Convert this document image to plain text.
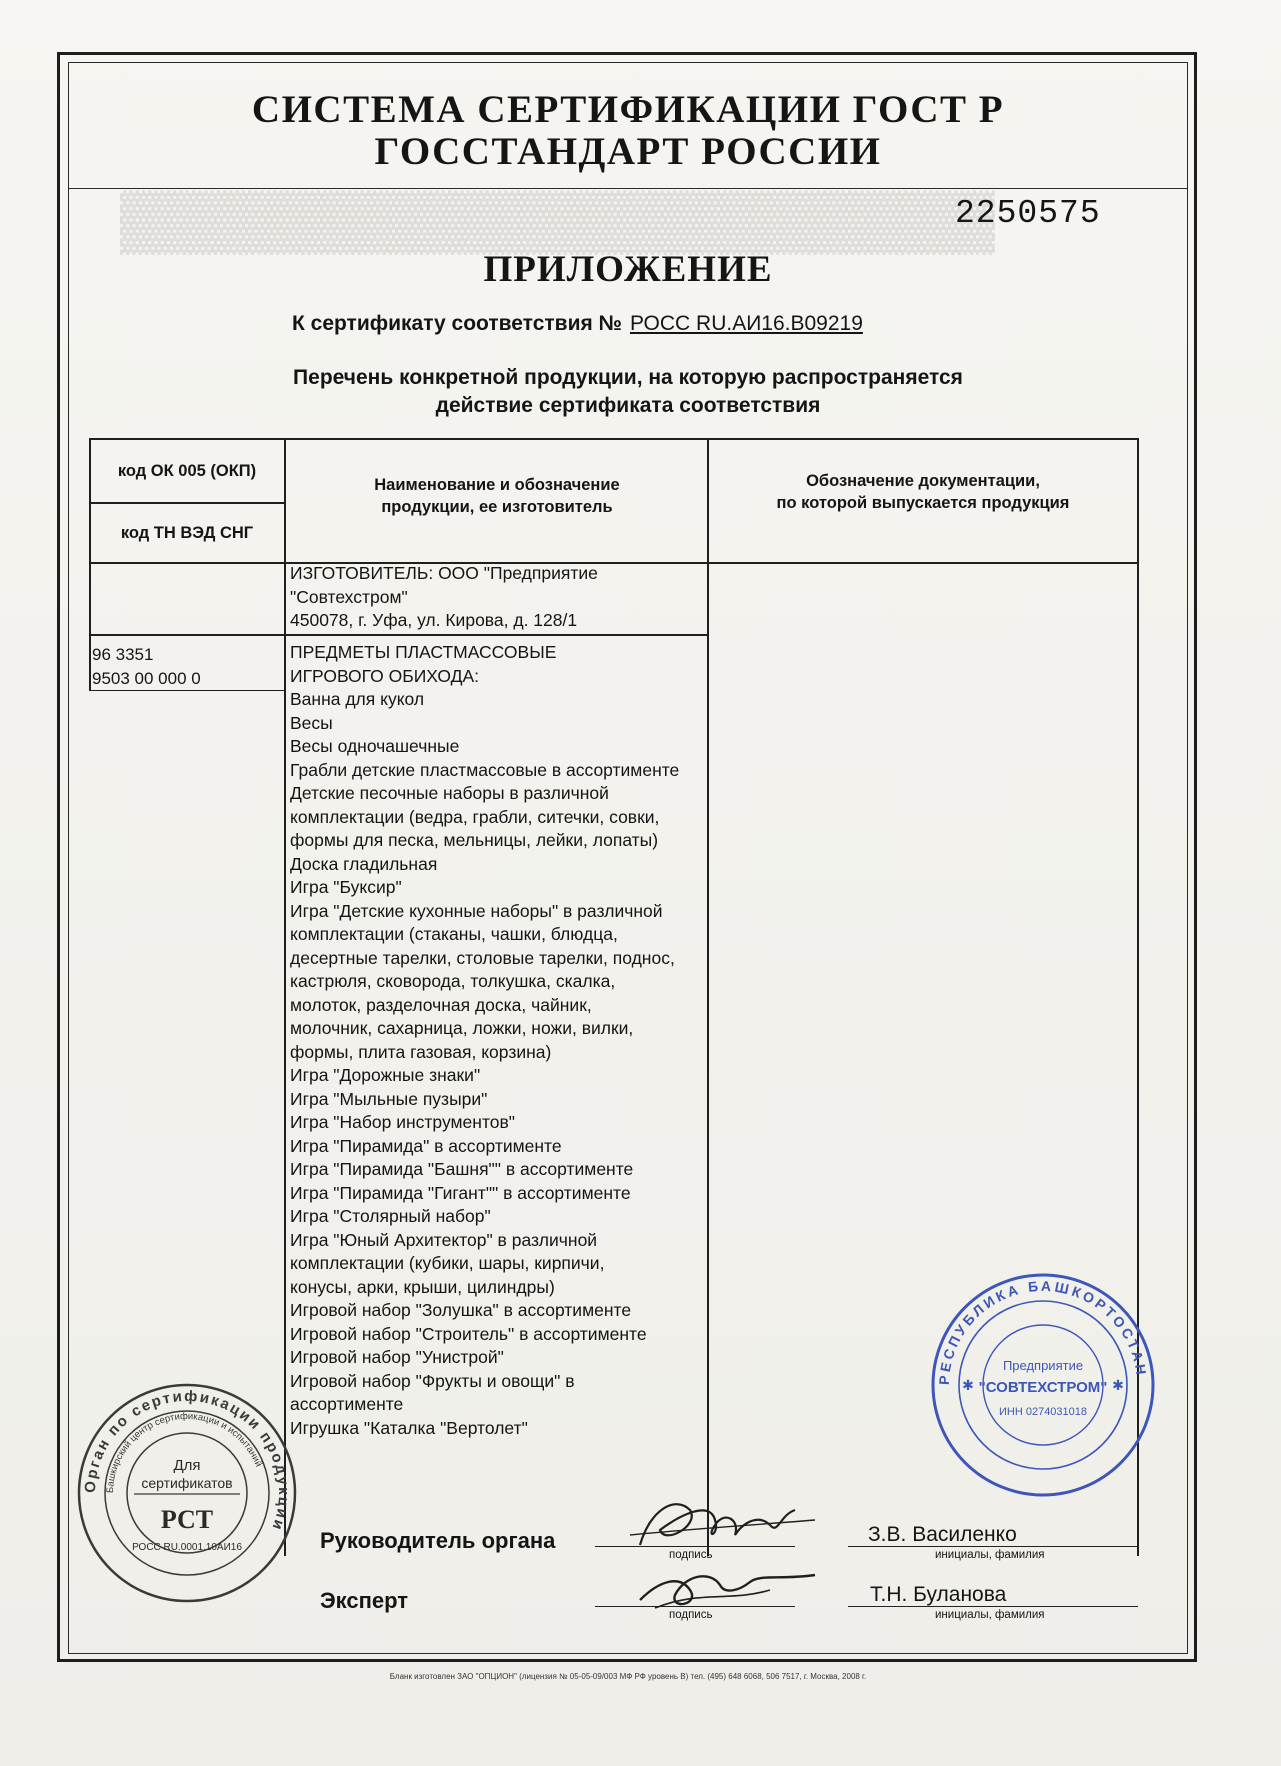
СИСТЕМА СЕРТИФИКАЦИИ ГОСТ Р
ГОССТАНДАРТ РОССИИ
2250575
ПРИЛОЖЕНИЕ
К сертификату соответствия № РОСС RU.АИ16.В09219
Перечень конкретной продукции, на которую распространяется
действие сертификата соответствия
код ОК 005 (ОКП)
код ТН ВЭД СНГ
Наименование и обозначение
продукции, ее изготовитель
Обозначение документации,
по которой выпускается продукция
ИЗГОТОВИТЕЛЬ: ООО "Предприятие
"Совтехстром"
450078, г. Уфа, ул. Кирова, д. 128/1
96 3351
9503 00 000 0
ПРЕДМЕТЫ ПЛАСТМАССОВЫЕ
ИГРОВОГО ОБИХОДА:
Ванна для кукол
Весы
Весы одночашечные
Грабли детские пластмассовые в ассортименте
Детские песочные наборы в различной
комплектации (ведра, грабли, ситечки, совки,
формы для песка, мельницы, лейки, лопаты)
Доска гладильная
Игра "Буксир"
Игра "Детские кухонные наборы" в различной
комплектации (стаканы, чашки, блюдца,
десертные тарелки, столовые тарелки, поднос,
кастрюля, сковорода, толкушка, скалка,
молоток, разделочная доска, чайник,
молочник, сахарница, ложки, ножи, вилки,
формы, плита газовая, корзина)
Игра "Дорожные знаки"
Игра "Мыльные пузыри"
Игра "Набор инструментов"
Игра "Пирамида" в ассортименте
Игра "Пирамида "Башня"" в ассортименте
Игра "Пирамида "Гигант"" в ассортименте
Игра "Столярный набор"
Игра "Юный Архитектор" в различной
комплектации (кубики, шары, кирпичи,
конусы, арки, крыши, цилиндры)
Игровой набор "Золушка" в ассортименте
Игровой набор "Строитель" в ассортименте
Игровой набор "Унистрой"
Игровой набор "Фрукты и овощи" в
ассортименте
Игрушка "Каталка "Вертолет"
Руководитель органа
подпись
З.В. Василенко
инициалы, фамилия
Эксперт
подпись
Т.Н. Буланова
инициалы, фамилия
Орган по сертификации продукции
Башкирский центр сертификации и испытаний
Для
сертификатов
РСТ
РОСС RU.0001.10АИ16
РЕСПУБЛИКА БАШКОРТОСТАН
Предприятие
"СОВТЕХСТРОМ"
ИНН 0274031018
✱	✱
Бланк изготовлен ЗАО "ОПЦИОН" (лицензия № 05-05-09/003 МФ РФ уровень В) тел. (495) 648 6068, 506 7517, г. Москва, 2008 г.
